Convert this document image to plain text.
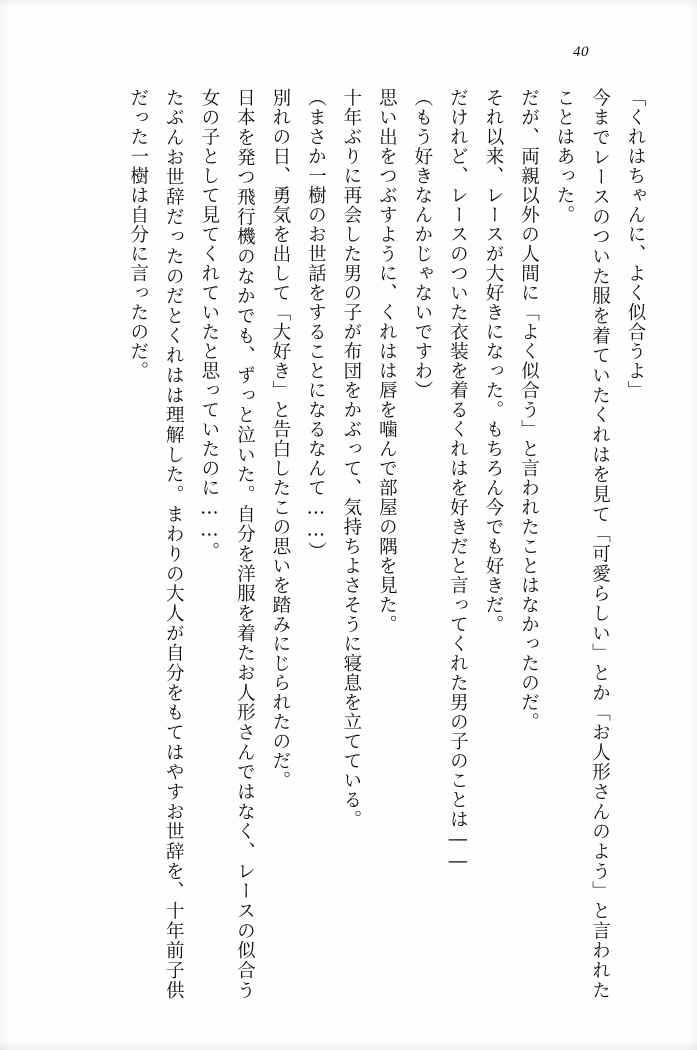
40

「くれはちゃんに、よく似合うよ」

今までレースのついた服を着ていたくれはを見て「可愛らしい」とか「お人形さんのよう」と言われたことはあった。

だが、両親以外の人間に「よく似合う」と言われたことはなかったのだ。

それ以来、レースが大好きになった。もちろん今でも好きだ。

だけれど、レースのついた衣装を着るくれはを好きだと言ってくれた男の子のことは――

（もう好きなんかじゃないですわ）

思い出をつぶすように、くれはは唇を噛んで部屋の隅を見た。

十年ぶりに再会した男の子が布団をかぶって、気持ちよさそうに寝息を立てている。

（まさか一樹のお世話をすることになるなんて……）

別れの日、勇気を出して「大好き」と告白したこの思いを踏みにじられたのだ。

日本を発つ飛行機のなかでも、ずっと泣いた。自分を洋服を着たお人形さんではなく、レースの似合う女の子として見てくれていたと思っていたのに……。

たぶんお世辞だったのだとくれはは理解した。まわりの大人が自分をもてはやすお世辞を、十年前子供だった一樹は自分に言ったのだ。
